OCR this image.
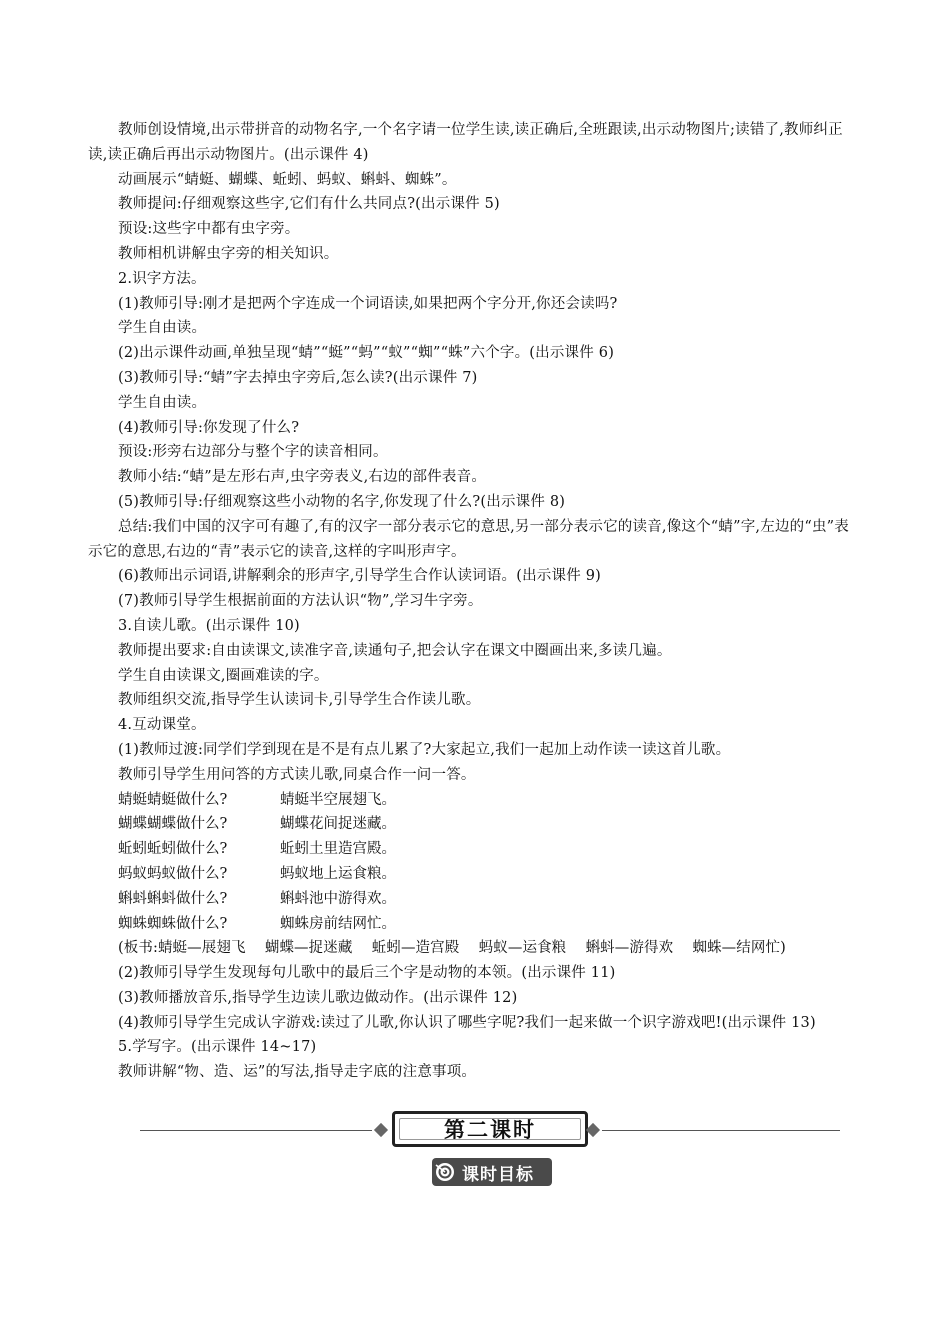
教师创设情境,出示带拼音的动物名字,一个名字请一位学生读,读正确后,全班跟读,出示动物图片;读错了,教师纠正读,读正确后再出示动物图片。(出示课件 4)

动画展示“蜻蜓、蝴蝶、蚯蚓、蚂蚁、蝌蚪、蜘蛛”。

教师提问:仔细观察这些字,它们有什么共同点?(出示课件 5)

预设:这些字中都有虫字旁。

教师相机讲解虫字旁的相关知识。

2.识字方法。

(1)教师引导:刚才是把两个字连成一个词语读,如果把两个字分开,你还会读吗?

学生自由读。

(2)出示课件动画,单独呈现“蜻”“蜓”“蚂”“蚁”“蜘”“蛛”六个字。(出示课件 6)

(3)教师引导:“蜻”字去掉虫字旁后,怎么读?(出示课件 7)

学生自由读。

(4)教师引导:你发现了什么?

预设:形旁右边部分与整个字的读音相同。

教师小结:“蜻”是左形右声,虫字旁表义,右边的部件表音。

(5)教师引导:仔细观察这些小动物的名字,你发现了什么?(出示课件 8)

总结:我们中国的汉字可有趣了,有的汉字一部分表示它的意思,另一部分表示它的读音,像这个“蜻”字,左边的“虫”表示它的意思,右边的“青”表示它的读音,这样的字叫形声字。

(6)教师出示词语,讲解剩余的形声字,引导学生合作认读词语。(出示课件 9)

(7)教师引导学生根据前面的方法认识“物”,学习牛字旁。

3.自读儿歌。(出示课件 10)

教师提出要求:自由读课文,读准字音,读通句子,把会认字在课文中圈画出来,多读几遍。

学生自由读课文,圈画难读的字。

教师组织交流,指导学生认读词卡,引导学生合作读儿歌。

4.互动课堂。

(1)教师过渡:同学们学到现在是不是有点儿累了?大家起立,我们一起加上动作读一读这首儿歌。

教师引导学生用问答的方式读儿歌,同桌合作一问一答。

蜻蜓蜻蜓做什么?	蜻蜓半空展翅飞。
蝴蝶蝴蝶做什么?	蝴蝶花间捉迷藏。
蚯蚓蚯蚓做什么?	蚯蚓土里造宫殿。
蚂蚁蚂蚁做什么?	蚂蚁地上运食粮。
蝌蚪蝌蚪做什么?	蝌蚪池中游得欢。
蜘蛛蜘蛛做什么?	蜘蛛房前结网忙。
(板书:蜻蜓—展翅飞　 蝴蝶—捉迷藏　 蚯蚓—造宫殿　 蚂蚁—运食粮　 蝌蚪—游得欢　 蜘蛛—结网忙)

(2)教师引导学生发现每句儿歌中的最后三个字是动物的本领。(出示课件 11)

(3)教师播放音乐,指导学生边读儿歌边做动作。(出示课件 12)

(4)教师引导学生完成认字游戏:读过了儿歌,你认识了哪些字呢?我们一起来做一个识字游戏吧!(出示课件 13)

5.学写字。(出示课件 14~17)

教师讲解“物、造、运”的写法,指导走字底的注意事项。

第二课时
课时目标
